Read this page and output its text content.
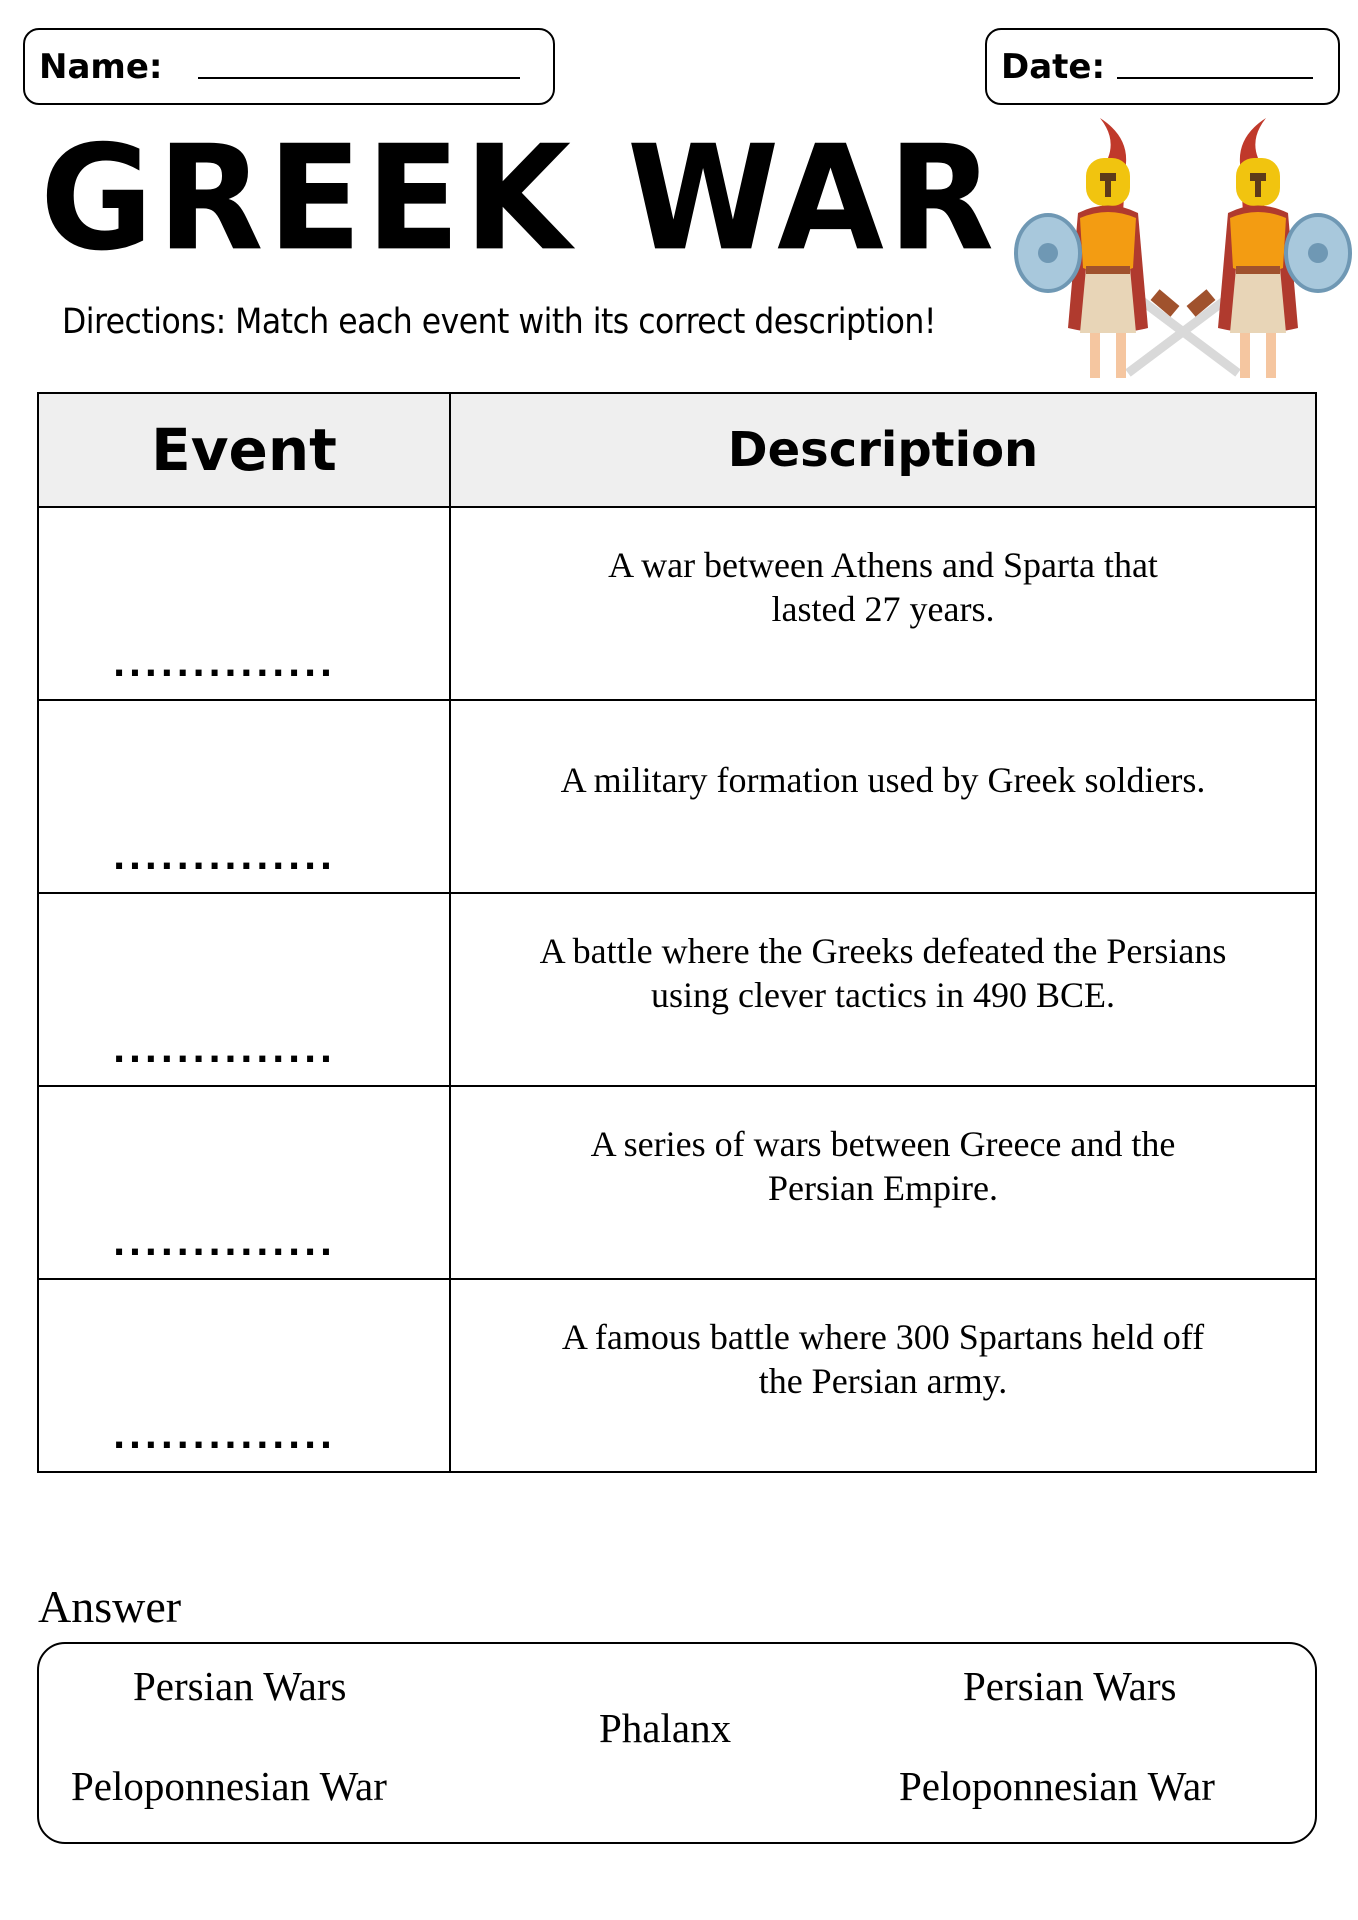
Name:	Date:
GREEK WAR
Directions: Match each event with its correct description!
Event	Description
..............	A war between Athens and Sparta that
lasted 27 years.

..............	A military formation used by Greek soldiers.

..............	A battle where the Greeks defeated the Persians
using clever tactics in 490 BCE.

..............	A series of wars between Greece and the
Persian Empire.

..............	A famous battle where 300 Spartans held off
the Persian army.
Answer
Persian Wars
Peloponnesian War
Phalanx
Persian Wars
Peloponnesian War
